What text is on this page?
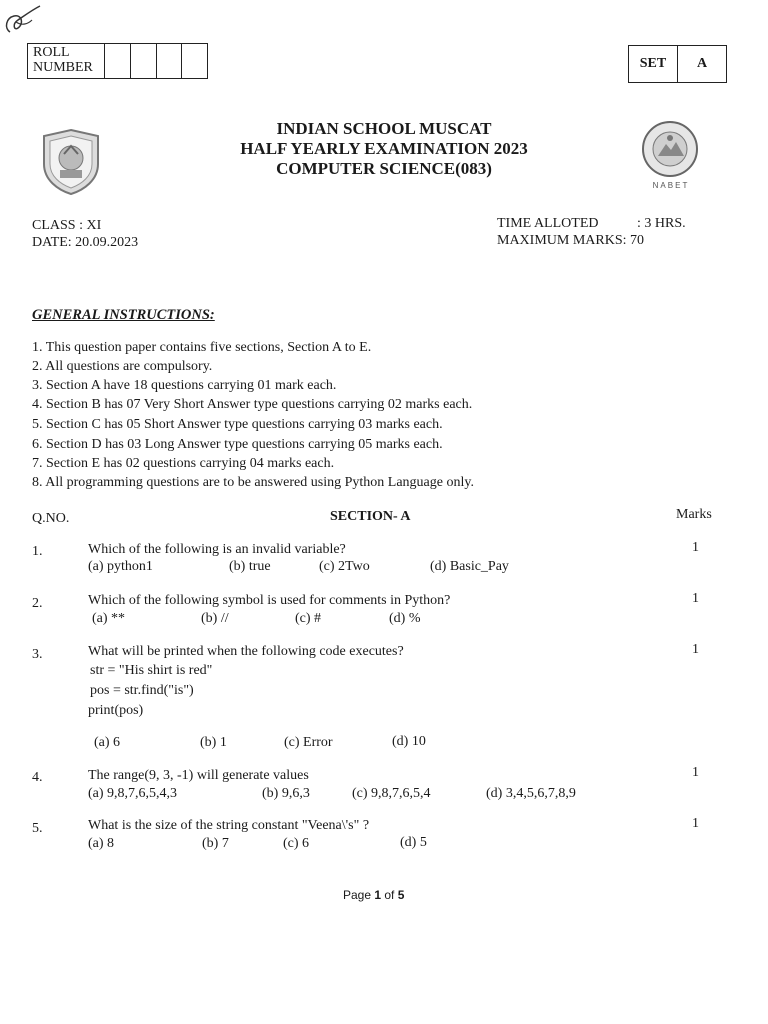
ROLL
NUMBER	SET	A
NABET
INDIAN SCHOOL MUSCAT
HALF YEARLY EXAMINATION 2023
COMPUTER SCIENCE(083)
CLASS : XI
DATE: 20.09.2023
TIME ALLOTED	: 3 HRS.
MAXIMUM MARKS: 70
GENERAL INSTRUCTIONS:
1. This question paper contains five sections, Section A to E.
2. All questions are compulsory.
3. Section A have 18 questions carrying 01 mark each.
4. Section B has 07 Very Short Answer type questions carrying 02 marks each.
5. Section C has 05 Short Answer type questions carrying 03 marks each.
6. Section D has 03 Long Answer type questions carrying 05 marks each.
7. Section E has 02 questions carrying 04 marks each.
8. All programming questions are to be answered using Python Language only.
Q.NO.	SECTION- A	Marks
1.	Which of the following is an invalid variable?	1
(a) python1	(b) true	(c) 2Two	(d) Basic_Pay
2.	Which of the following symbol is used for comments in Python?	1
(a) **	(b) //	(c) #	(d) %
3.	What will be printed when the following code executes?	1
str = "His shirt is red"
pos = str.find("is")
print(pos)
(a) 6	(b) 1	(c) Error	(d) 10
4.	The range(9, 3, -1) will generate values	1
(a) 9,8,7,6,5,4,3	(b) 9,6,3	(c) 9,8,7,6,5,4	(d) 3,4,5,6,7,8,9
5.	What is the size of the string constant "Veena\'s" ?	1
(a) 8	(b) 7	(c) 6	(d) 5
Page 1 of 5
